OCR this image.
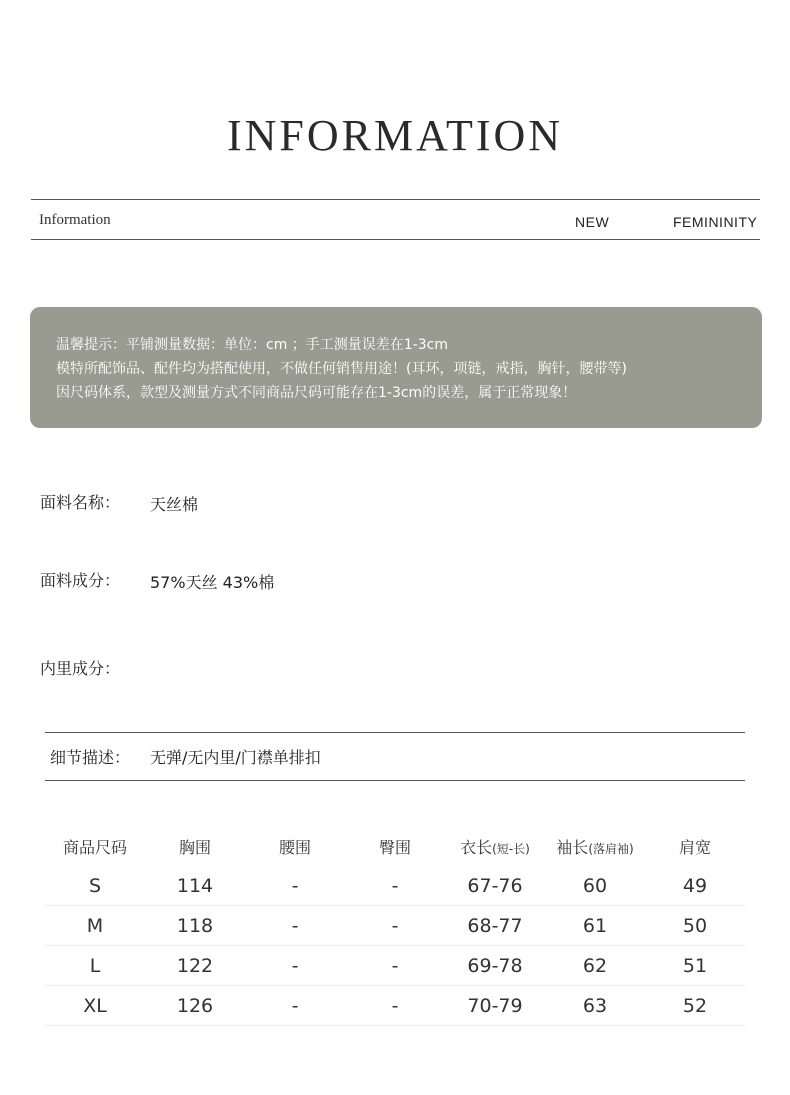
INFORMATION
Information	NEW	FEMININITY
温馨提示：平铺测量数据：单位：cm ；手工测量误差在1-3cm
模特所配饰品、配件均为搭配使用，不做任何销售用途！(耳环，项链，戒指，胸针，腰带等)
因尺码体系，款型及测量方式不同商品尺码可能存在1-3cm的误差，属于正常现象！
面料名称： 天丝棉
面料成分： 57%天丝 43%棉
内里成分：
细节描述： 无弹/无内里/门襟单排扣
商品尺码	胸围	腰围	臀围	衣长(短-长)	袖长(落肩袖)	肩宽
S	114	-	-	67-76	60	49
M	118	-	-	68-77	61	50
L	122	-	-	69-78	62	51
XL	126	-	-	70-79	63	52
